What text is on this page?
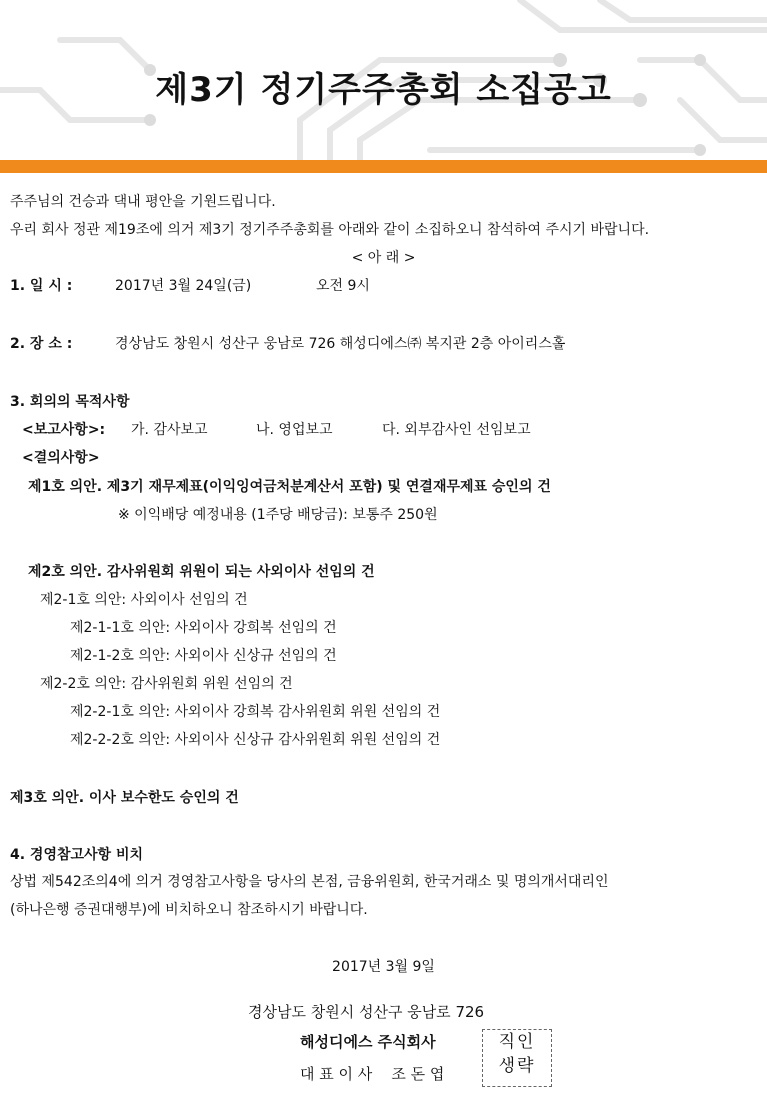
제3기 정기주주총회 소집공고
주주님의 건승과 댁내 평안을 기원드립니다.
우리 회사 정관 제19조에 의거 제3기 정기주주총회를 아래와 같이 소집하오니 참석하여 주시기 바랍니다.
< 아 래 >
1. 일 시 :	2017년 3월 24일(금)	오전 9시
2. 장 소 :	경상남도 창원시 성산구 웅남로 726 해성디에스㈜ 복지관 2층 아이리스홀
3. 회의의 목적사항
<보고사항>: 가. 감사보고	나. 영업보고	다. 외부감사인 선임보고
<결의사항>
제1호 의안. 제3기 재무제표(이익잉여금처분계산서 포함) 및 연결재무제표 승인의 건
※ 이익배당 예정내용 (1주당 배당금): 보통주 250원
제2호 의안. 감사위원회 위원이 되는 사외이사 선임의 건
제2-1호 의안: 사외이사 선임의 건
제2-1-1호 의안: 사외이사 강희복 선임의 건
제2-1-2호 의안: 사외이사 신상규 선임의 건
제2-2호 의안: 감사위원회 위원 선임의 건
제2-2-1호 의안: 사외이사 강희복 감사위원회 위원 선임의 건
제2-2-2호 의안: 사외이사 신상규 감사위원회 위원 선임의 건
제3호 의안. 이사 보수한도 승인의 건
4. 경영참고사항 비치
상법 제542조의4에 의거 경영참고사항을 당사의 본점, 금융위원회, 한국거래소 및 명의개서대리인
(하나은행 증권대행부)에 비치하오니 참조하시기 바랍니다.
2017년 3월 9일
경상남도 창원시 성산구 웅남로 726
해성디에스 주식회사
대 표 이 사    조 돈 엽
직인
생략
